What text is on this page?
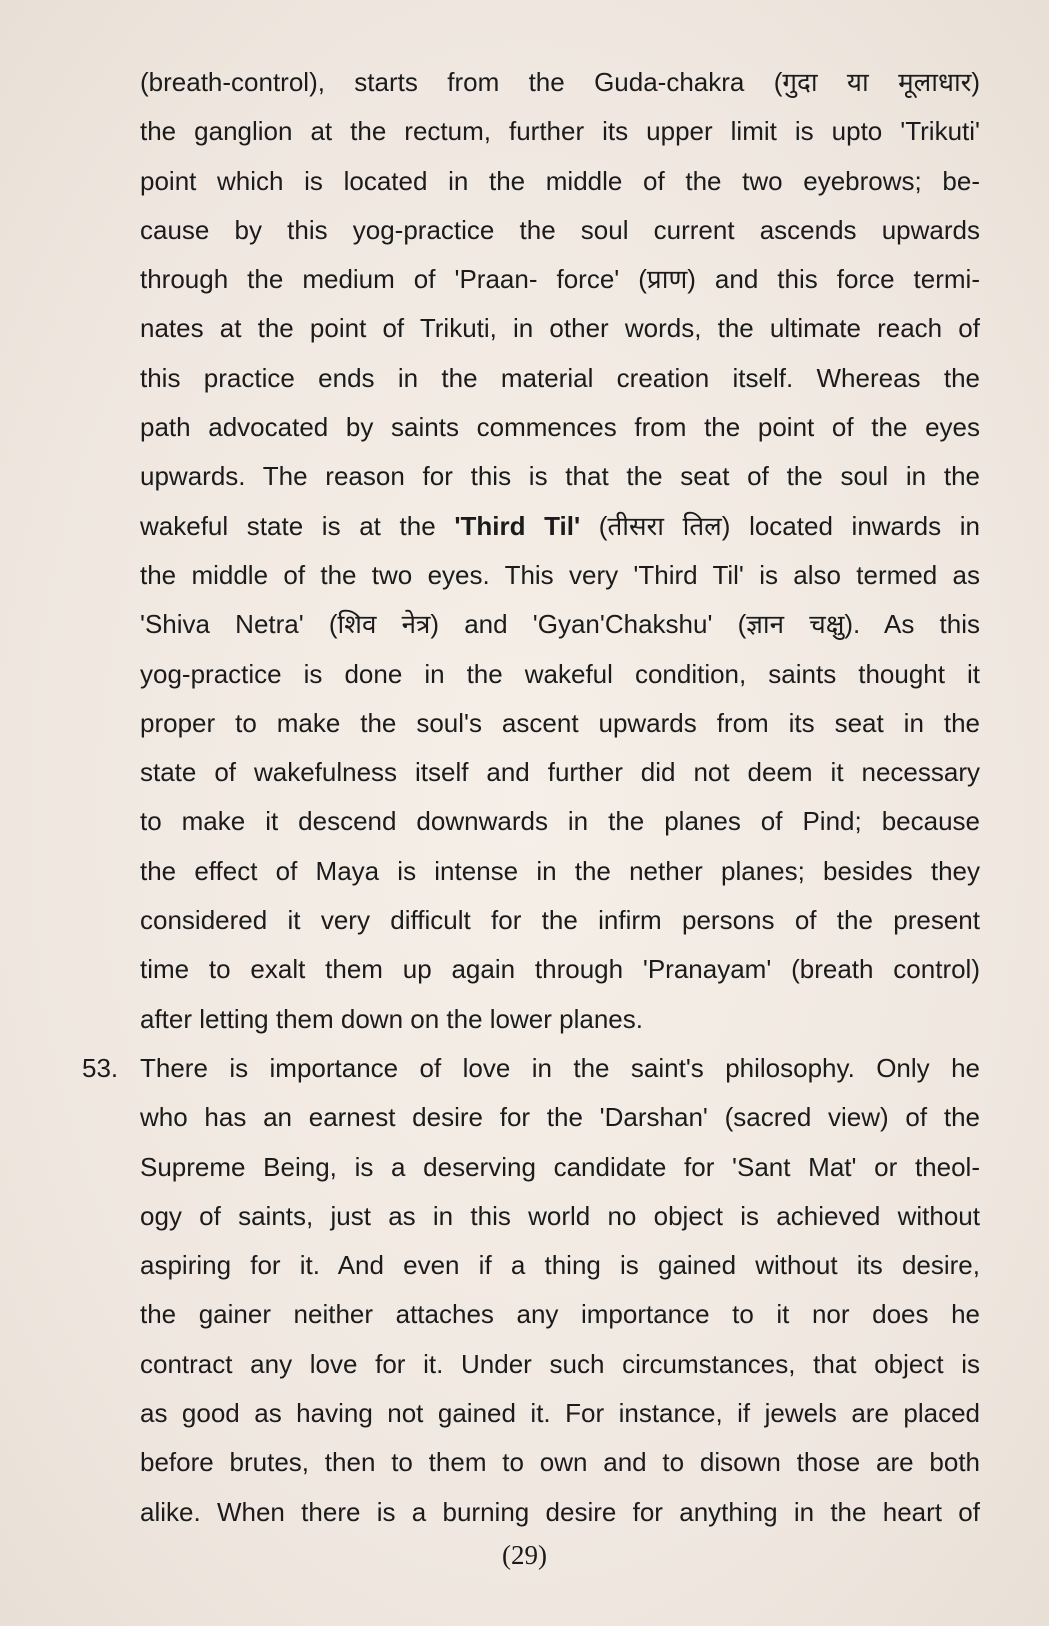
(breath-control), starts from the Guda-chakra (गुदा या मूलाधार)
the ganglion at the rectum, further its upper limit is upto 'Trikuti'
point which is located in the middle of the two eyebrows; be-
cause by this yog-practice the soul current ascends upwards
through the medium of 'Praan- force' (प्राण) and this force termi-
nates at the point of Trikuti, in other words, the ultimate reach of
this practice ends in the material creation itself. Whereas the
path advocated by saints commences from the point of the eyes
upwards. The reason for this is that the seat of the soul in the
wakeful state is at the 'Third Til' (तीसरा तिल) located inwards in
the middle of the two eyes. This very 'Third Til' is also termed as
'Shiva Netra' (शिव नेत्र) and 'Gyan'Chakshu' (ज्ञान चक्षु). As this
yog-practice is done in the wakeful condition, saints thought it
proper to make the soul's ascent upwards from its seat in the
state of wakefulness itself and further did not deem it necessary
to make it descend downwards in the planes of Pind; because
the effect of Maya is intense in the nether planes; besides they
considered it very difficult for the infirm persons of the present
time to exalt them up again through 'Pranayam' (breath control)
after letting them down on the lower planes.
53. There is importance of love in the saint's philosophy. Only he
who has an earnest desire for the 'Darshan' (sacred view) of the
Supreme Being, is a deserving candidate for 'Sant Mat' or theol-
ogy of saints, just as in this world no object is achieved without
aspiring for it. And even if a thing is gained without its desire,
the gainer neither attaches any importance to it nor does he
contract any love for it. Under such circumstances, that object is
as good as having not gained it. For instance, if jewels are placed
before brutes, then to them to own and to disown those are both
alike. When there is a burning desire for anything in the heart of
(29)
